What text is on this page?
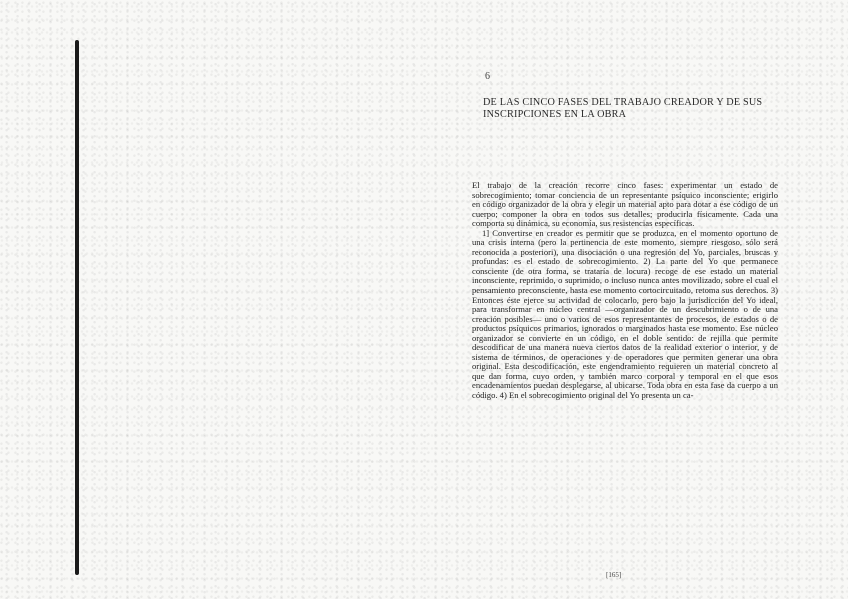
6
DE LAS CINCO FASES DEL TRABAJO CREADOR Y DE SUS INSCRIPCIONES EN LA OBRA

El trabajo de la creación recorre cinco fases: experimentar un estado de sobrecogimiento; tomar conciencia de un representante psíquico inconsciente; erigirlo en código organizador de la obra y elegir un material apto para dotar a ese código de un cuerpo; componer la obra en todos sus detalles; producirla físicamente. Cada una comporta su dinámica, su economía, sus resistencias específicas.

1] Convertirse en creador es permitir que se produzca, en el momento oportuno de una crisis interna (pero la pertinencia de este momento, siempre riesgoso, sólo será reconocida a posteriori), una disociación o una regresión del Yo, parciales, bruscas y profundas: es el estado de sobrecogimiento. 2) La parte del Yo que permanece consciente (de otra forma, se trataría de locura) recoge de ese estado un material inconsciente, reprimido, o suprimido, o incluso nunca antes movilizado, sobre el cual el pensamiento preconsciente, hasta ese momento cortocircuitado, retoma sus derechos. 3) Entonces éste ejerce su actividad de colocarlo, pero bajo la jurisdicción del Yo ideal, para transformar en núcleo central —organizador de un descubrimiento o de una creación posibles— uno o varios de esos representantes de procesos, de estados o de productos psíquicos primarios, ignorados o marginados hasta ese momento. Ese núcleo organizador se convierte en un código, en el doble sentido: de rejilla que permite descodificar de una manera nueva ciertos datos de la realidad exterior o interior, y de sistema de términos, de operaciones y de operadores que permiten generar una obra original. Esta descodificación, este engendramiento requieren un material concreto al que dan forma, cuyo orden, y también marco corporal y temporal en el que esos encadenamientos puedan desplegarse, al ubicarse. Toda obra en esta fase da cuerpo a un código. 4) En el sobrecogimiento original del Yo presenta un ca-

[165]
